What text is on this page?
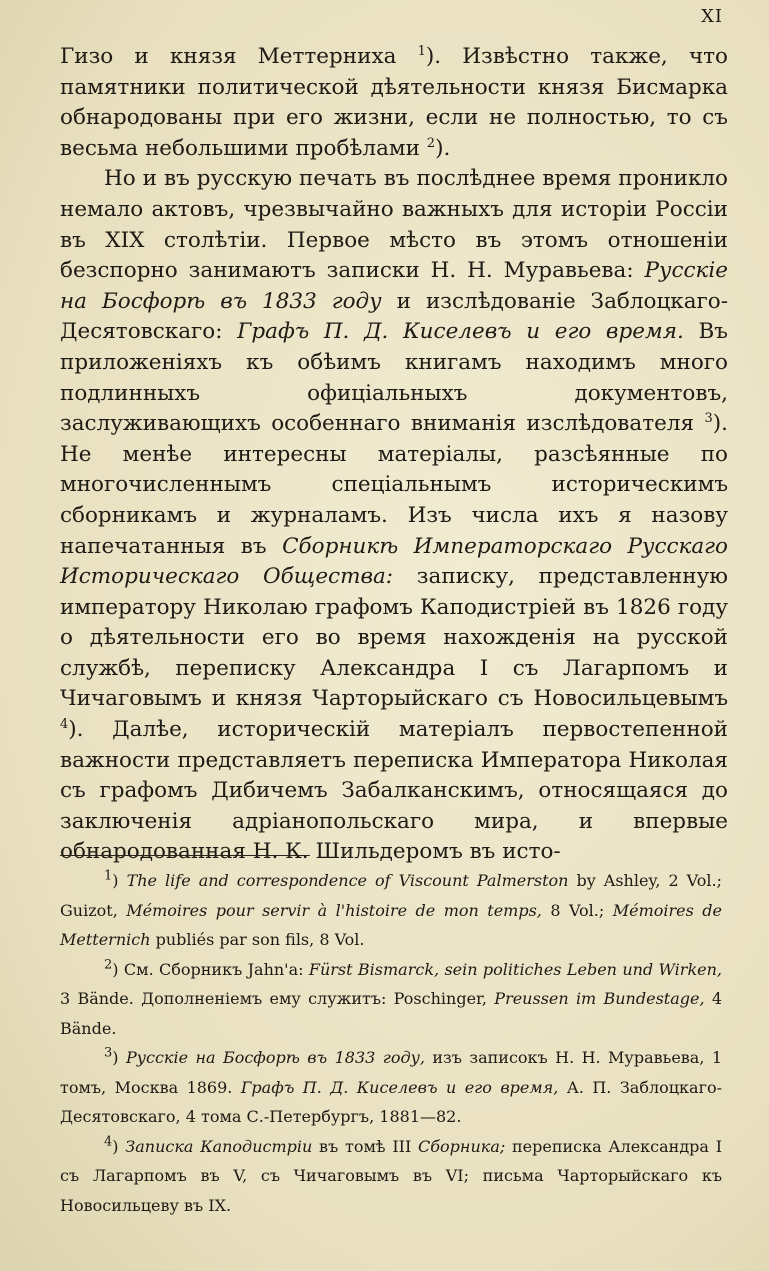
XI

Гизо и князя Меттерниха $^1$). Извѣстно также, что памятники политической дѣятельности князя Бисмарка обнародованы при его жизни, если не полностью, то съ весьма небольшими пробѣлами $^2$).

Но и въ русскую печать въ послѣднее время проникло немало актовъ, чрезвычайно важныхъ для исторіи Россіи въ XIX столѣтіи. Первое мѣсто въ этомъ отношеніи безспорно занимаютъ записки Н. Н. Муравьева: Русскіе на Босфорѣ въ 1833 году и изслѣдованіе Заблоцкаго-Десятовскаго: Графъ П. Д. Киселевъ и его время. Въ приложеніяхъ къ обѣимъ книгамъ находимъ много подлинныхъ офиціальныхъ документовъ, заслуживающихъ особеннаго вниманія изслѣдователя $^3$). Не менѣе интересны матеріалы, разсѣянные по многочисленнымъ спеціальнымъ историческимъ сборникамъ и журналамъ. Изъ числа ихъ я назову напечатанныя въ Сборникѣ Императорскаго Русскаго Историческаго Общества: записку, представленную императору Николаю графомъ Каподистріей въ 1826 году о дѣятельности его во время нахожденія на русской службѣ, переписку Александра I съ Лагарпомъ и Чичаговымъ и князя Чарторыйскаго съ Новосильцевымъ $^4$). Далѣе, историческій матеріалъ первостепенной важности представляетъ переписка Императора Николая съ графомъ Дибичемъ Забалканскимъ, относящаяся до заключенія адріанопольскаго мира, и впервые обнародованная Н. К. Шильдеромъ въ исто-

$^1$) The life and correspondence of Viscount Palmerston by Ashley, 2 Vol.; Guizot, Mémoires pour servir à l'histoire de mon temps, 8 Vol.; Mémoires de Metternich publiés par son fils, 8 Vol.

$^2$) См. Сборникъ Jahn'a: Fürst Bismarck, sein politiches Leben und Wirken, 3 Bände. Дополненіемъ ему служитъ: Poschinger, Preussen im Bundestage, 4 Bände.

$^3$) Русскіе на Босфорѣ въ 1833 году, изъ записокъ Н. Н. Муравьева, 1 томъ, Москва 1869. Графъ П. Д. Киселевъ и его время, А. П. Заблоцкаго-Десятовскаго, 4 тома С.-Петербургъ, 1881—82.

$^4$) Записка Каподистріи въ томѣ III Сборника; переписка Александра I съ Лагарпомъ въ V, съ Чичаговымъ въ VI; письма Чарторыйскаго къ Новосильцеву въ IX.
